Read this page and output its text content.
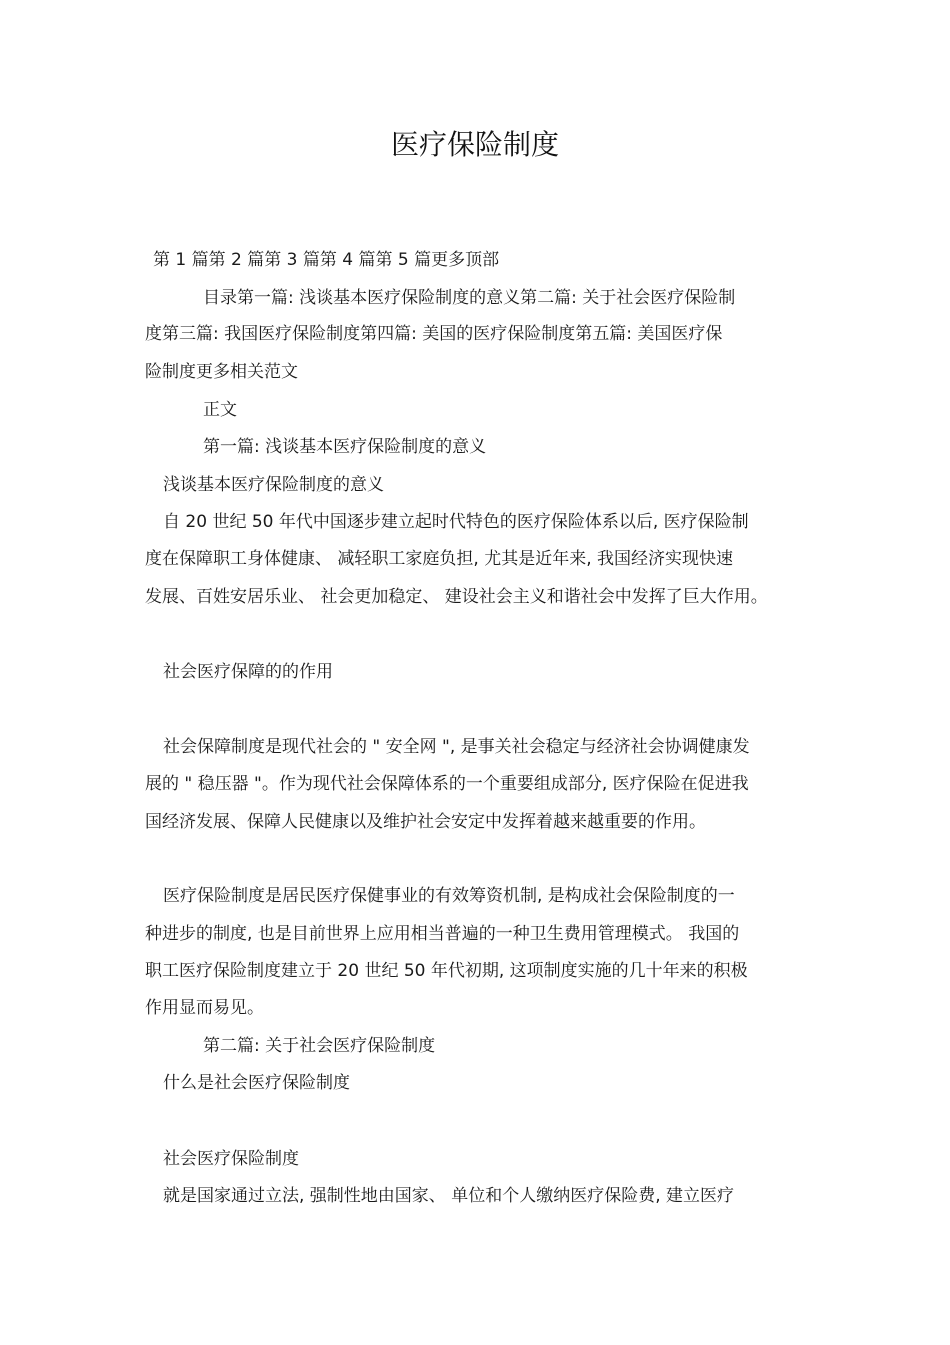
医疗保险制度
第 1 篇第 2 篇第 3 篇第 4 篇第 5 篇更多顶部
目录第一篇: 浅谈基本医疗保险制度的意义第二篇: 关于社会医疗保险制
度第三篇: 我国医疗保险制度第四篇: 美国的医疗保险制度第五篇: 美国医疗保
险制度更多相关范文
正文
第一篇: 浅谈基本医疗保险制度的意义
浅谈基本医疗保险制度的意义
自 20 世纪 50 年代中国逐步建立起时代特色的医疗保险体系以后, 医疗保险制
度在保障职工身体健康、 减轻职工家庭负担, 尤其是近年来, 我国经济实现快速
发展、百姓安居乐业、 社会更加稳定、 建设社会主义和谐社会中发挥了巨大作用。
社会医疗保障的的作用
社会保障制度是现代社会的 " 安全网 ", 是事关社会稳定与经济社会协调健康发
展的 " 稳压器 "。作为现代社会保障体系的一个重要组成部分, 医疗保险在促进我
国经济发展、保障人民健康以及维护社会安定中发挥着越来越重要的作用。
医疗保险制度是居民医疗保健事业的有效筹资机制, 是构成社会保险制度的一
种进步的制度, 也是目前世界上应用相当普遍的一种卫生费用管理模式。 我国的
职工医疗保险制度建立于 20 世纪 50 年代初期, 这项制度实施的几十年来的积极
作用显而易见。
第二篇: 关于社会医疗保险制度
什么是社会医疗保险制度
社会医疗保险制度
就是国家通过立法, 强制性地由国家、 单位和个人缴纳医疗保险费, 建立医疗
